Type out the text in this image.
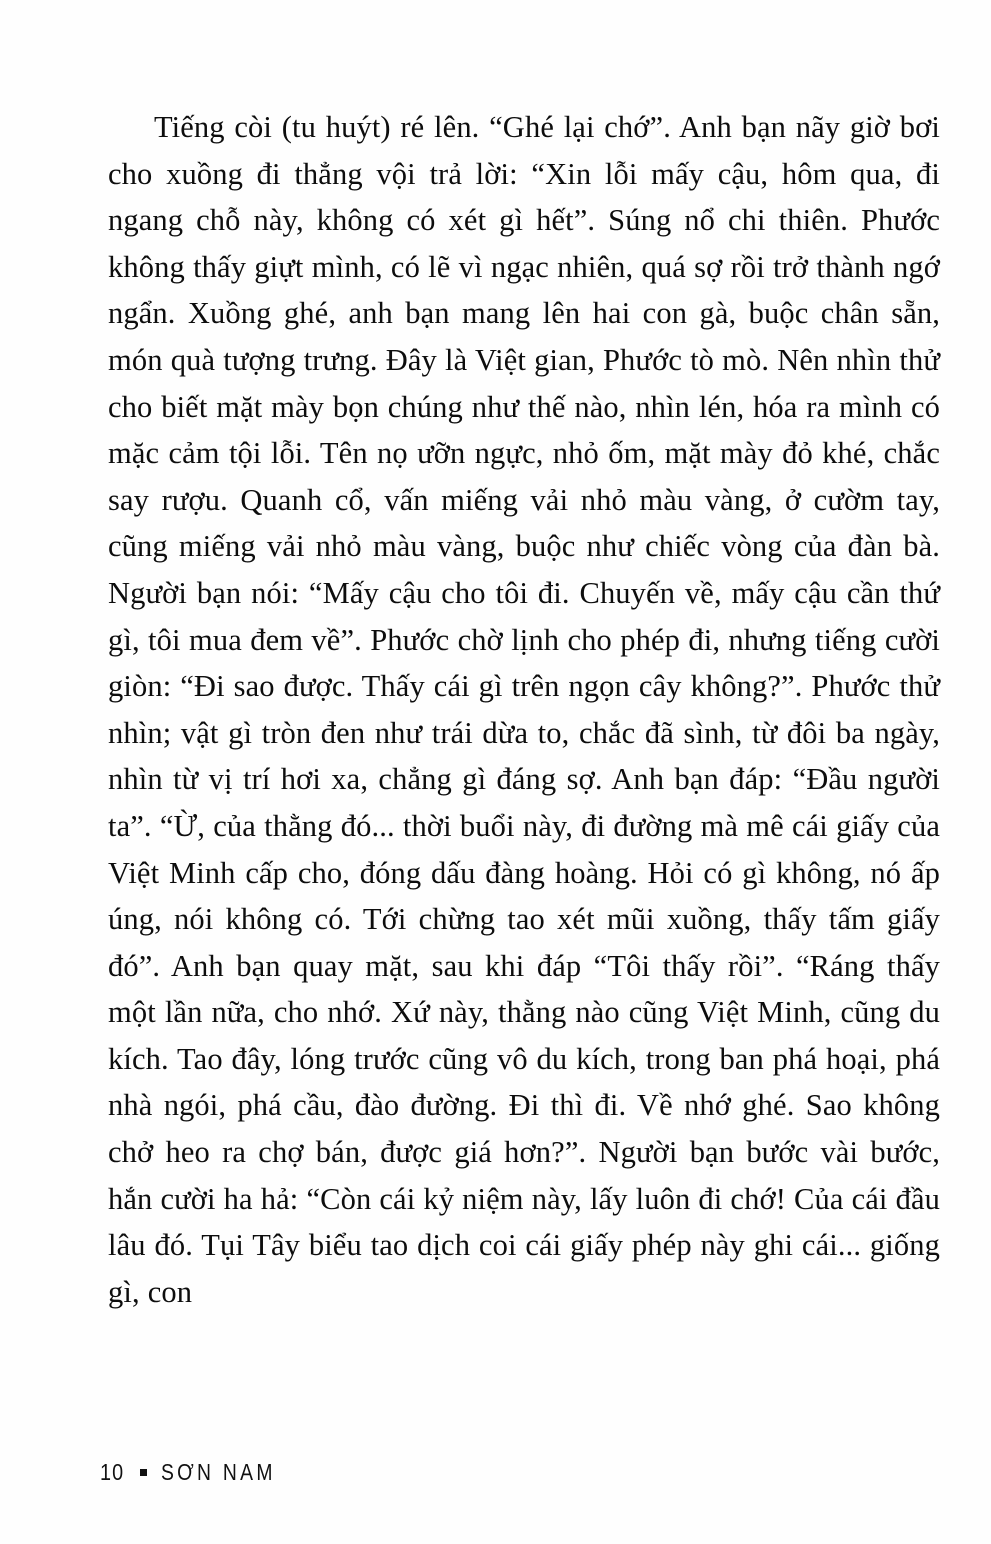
Tiếng còi (tu huýt) ré lên. “Ghé lại chớ”. Anh bạn nãy giờ bơi cho xuồng đi thẳng vội trả lời: “Xin lỗi mấy cậu, hôm qua, đi ngang chỗ này, không có xét gì hết”. Súng nổ chi thiên. Phước không thấy giựt mình, có lẽ vì ngạc nhiên, quá sợ rồi trở thành ngớ ngẩn. Xuồng ghé, anh bạn mang lên hai con gà, buộc chân sẵn, món quà tượng trưng. Đây là Việt gian, Phước tò mò. Nên nhìn thử cho biết mặt mày bọn chúng như thế nào, nhìn lén, hóa ra mình có mặc cảm tội lỗi. Tên nọ ưỡn ngực, nhỏ ốm, mặt mày đỏ khé, chắc say rượu. Quanh cổ, vấn miếng vải nhỏ màu vàng, ở cườm tay, cũng miếng vải nhỏ màu vàng, buộc như chiếc vòng của đàn bà. Người bạn nói: “Mấy cậu cho tôi đi. Chuyến về, mấy cậu cần thứ gì, tôi mua đem về”. Phước chờ lịnh cho phép đi, nhưng tiếng cười giòn: “Đi sao được. Thấy cái gì trên ngọn cây không?”. Phước thử nhìn; vật gì tròn đen như trái dừa to, chắc đã sình, từ đôi ba ngày, nhìn từ vị trí hơi xa, chẳng gì đáng sợ. Anh bạn đáp: “Đầu người ta”. “Ừ, của thằng đó... thời buổi này, đi đường mà mê cái giấy của Việt Minh cấp cho, đóng dấu đàng hoàng. Hỏi có gì không, nó ấp úng, nói không có. Tới chừng tao xét mũi xuồng, thấy tấm giấy đó”. Anh bạn quay mặt, sau khi đáp “Tôi thấy rồi”. “Ráng thấy một lần nữa, cho nhớ. Xứ này, thằng nào cũng Việt Minh, cũng du kích. Tao đây, lóng trước cũng vô du kích, trong ban phá hoại, phá nhà ngói, phá cầu, đào đường. Đi thì đi. Về nhớ ghé. Sao không chở heo ra chợ bán, được giá hơn?”. Người bạn bước vài bước, hắn cười ha hả: “Còn cái kỷ niệm này, lấy luôn đi chớ! Của cái đầu lâu đó. Tụi Tây biểu tao dịch coi cái giấy phép này ghi cái... giống gì, con

10 SƠN NAM
